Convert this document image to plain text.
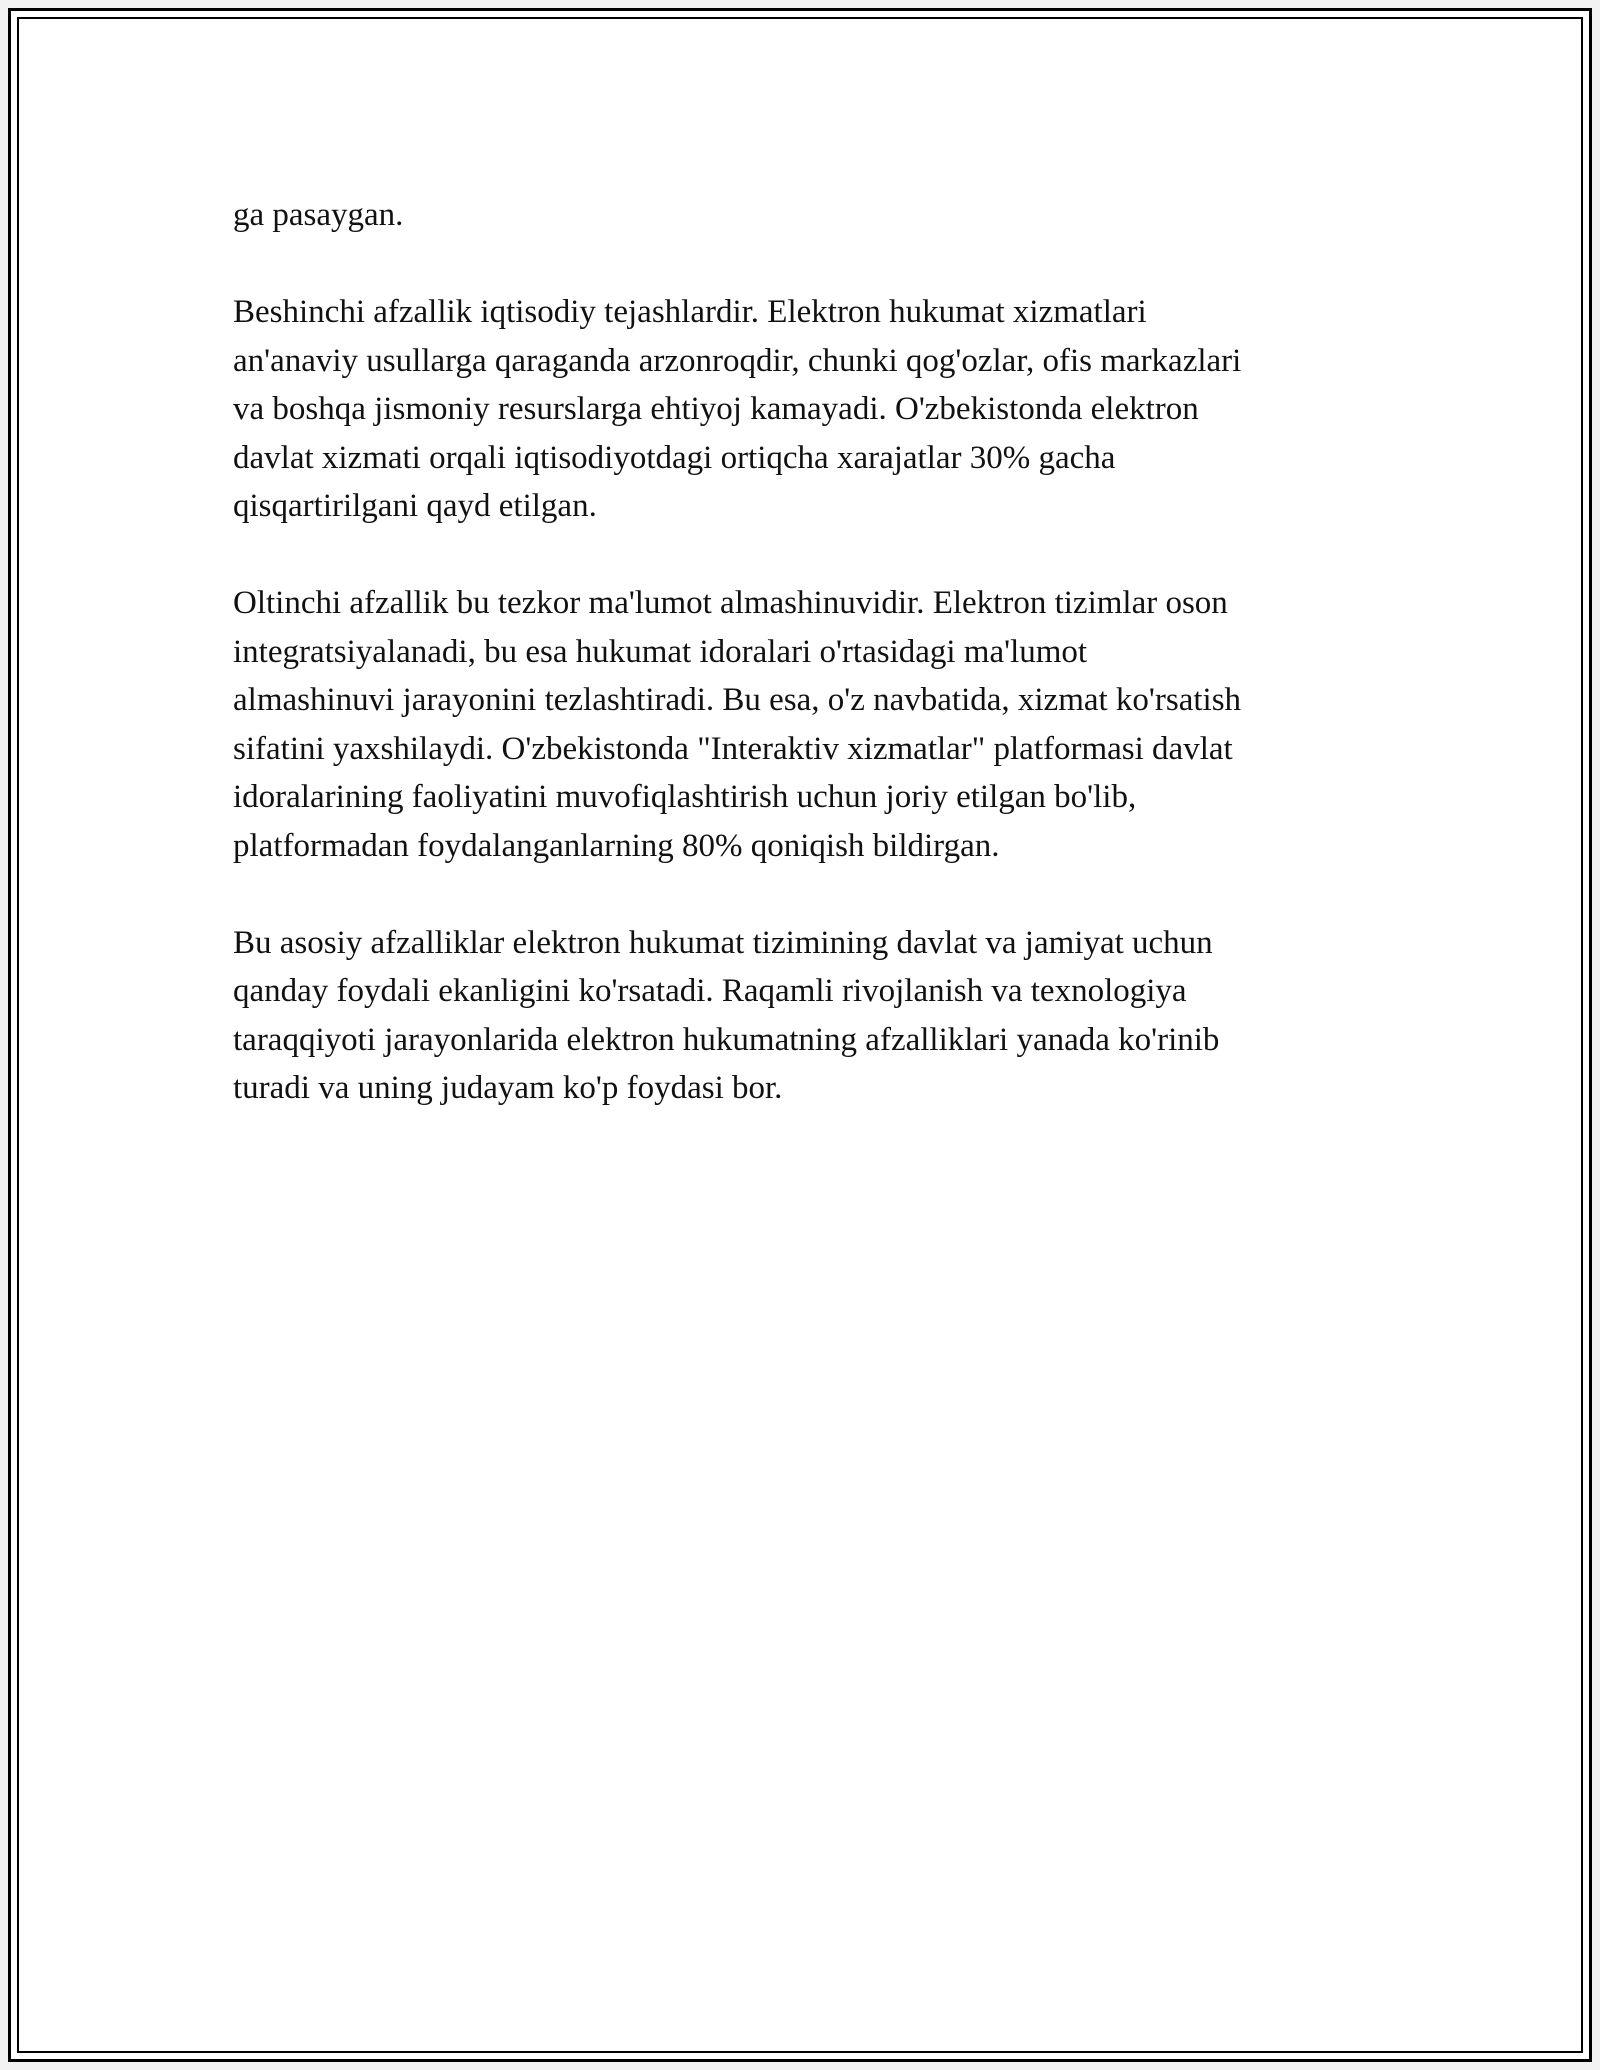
ga pasaygan.

Beshinchi afzallik iqtisodiy tejashlardir. Elektron hukumat xizmatlari
an'anaviy usullarga qaraganda arzonroqdir, chunki qog'ozlar, ofis markazlari
va boshqa jismoniy resurslarga ehtiyoj kamayadi. O'zbekistonda elektron
davlat xizmati orqali iqtisodiyotdagi ortiqcha xarajatlar 30% gacha
qisqartirilgani qayd etilgan.

Oltinchi afzallik bu tezkor ma'lumot almashinuvidir. Elektron tizimlar oson
integratsiyalanadi, bu esa hukumat idoralari o'rtasidagi ma'lumot
almashinuvi jarayonini tezlashtiradi. Bu esa, o'z navbatida, xizmat ko'rsatish
sifatini yaxshilaydi. O'zbekistonda "Interaktiv xizmatlar" platformasi davlat
idoralarining faoliyatini muvofiqlashtirish uchun joriy etilgan bo'lib,
platformadan foydalanganlarning 80% qoniqish bildirgan.

Bu asosiy afzalliklar elektron hukumat tizimining davlat va jamiyat uchun
qanday foydali ekanligini ko'rsatadi. Raqamli rivojlanish va texnologiya
taraqqiyoti jarayonlarida elektron hukumatning afzalliklari yanada ko'rinib
turadi va uning judayam ko'p foydasi bor.
